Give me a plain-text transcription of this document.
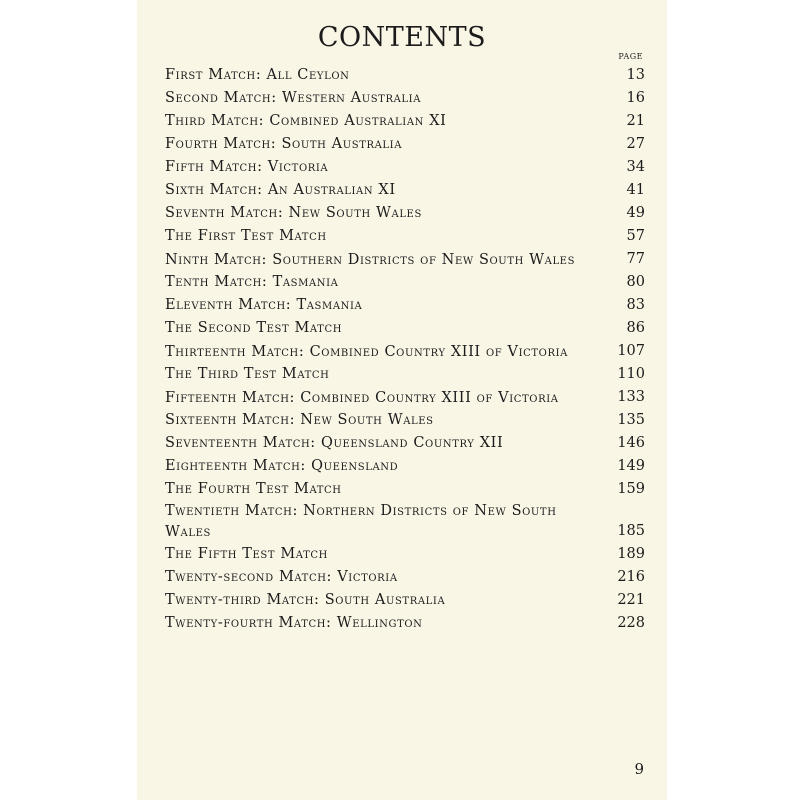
CONTENTS
PAGE
First Match: All Ceylon	13
Second Match: Western Australia	16
Third Match: Combined Australian XI	21
Fourth Match: South Australia	27
Fifth Match: Victoria	34
Sixth Match: An Australian XI	41
Seventh Match: New South Wales	49
The First Test Match	57
Ninth Match: Southern Districts of New South Wales	77
Tenth Match: Tasmania	80
Eleventh Match: Tasmania	83
The Second Test Match	86
Thirteenth Match: Combined Country XIII of Victoria	107
The Third Test Match	110
Fifteenth Match: Combined Country XIII of Victoria	133
Sixteenth Match: New South Wales	135
Seventeenth Match: Queensland Country XII	146
Eighteenth Match: Queensland	149
The Fourth Test Match	159
Twentieth Match: Northern Districts of New South Wales	185
The Fifth Test Match	189
Twenty-second Match: Victoria	216
Twenty-third Match: South Australia	221
Twenty-fourth Match: Wellington	228
9
